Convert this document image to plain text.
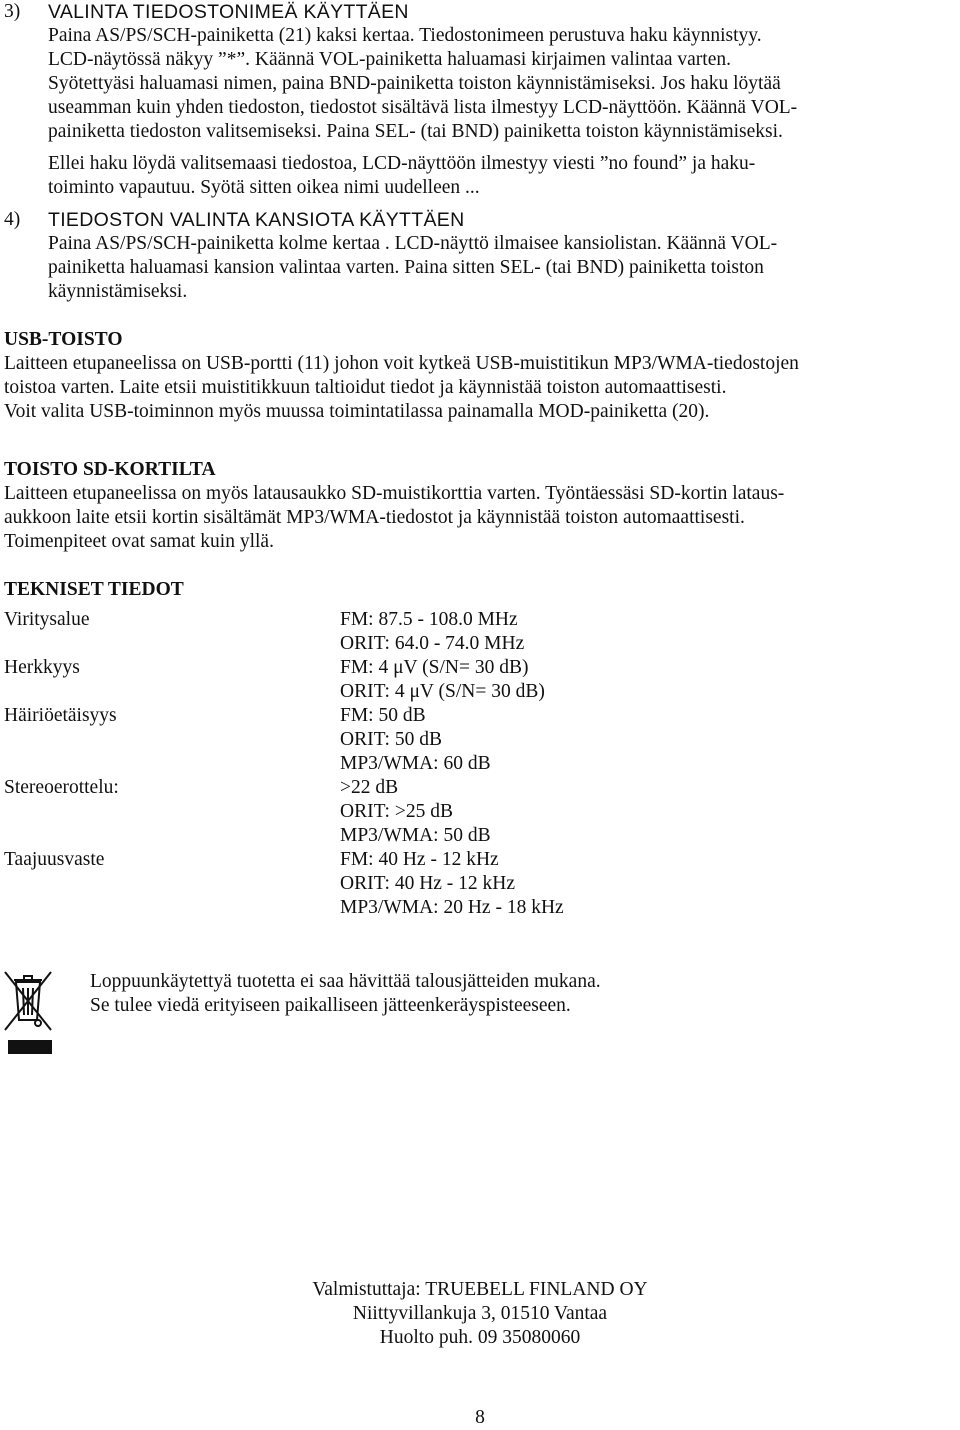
3) VALINTA TIEDOSTONIMEÄ KÄYTTÄEN

Paina AS/PS/SCH-painiketta (21) kaksi kertaa. Tiedostonimeen perustuva haku käynnistyy.

LCD-näytössä näkyy ”*”. Käännä VOL-painiketta haluamasi kirjaimen valintaa varten.

Syötettyäsi haluamasi nimen, paina BND-painiketta toiston käynnistämiseksi. Jos haku löytää

useamman kuin yhden tiedoston, tiedostot sisältävä lista ilmestyy LCD-näyttöön. Käännä VOL-

painiketta tiedoston valitsemiseksi. Paina SEL- (tai BND) painiketta toiston käynnistämiseksi.

Ellei haku löydä valitsemaasi tiedostoa, LCD-näyttöön ilmestyy viesti ”no found” ja haku-

toiminto vapautuu. Syötä sitten oikea nimi uudelleen ...

4) TIEDOSTON VALINTA KANSIOTA KÄYTTÄEN

Paina AS/PS/SCH-painiketta kolme kertaa . LCD-näyttö ilmaisee kansiolistan. Käännä VOL-

painiketta haluamasi kansion valintaa varten. Paina sitten SEL- (tai BND) painiketta toiston

käynnistämiseksi.

USB-TOISTO

Laitteen etupaneelissa on USB-portti (11) johon voit kytkeä USB-muistitikun MP3/WMA-tiedostojen

toistoa varten. Laite etsii muistitikkuun taltioidut tiedot ja käynnistää toiston automaattisesti.

Voit valita USB-toiminnon myös muussa toimintatilassa painamalla MOD-painiketta (20).

TOISTO SD-KORTILTA

Laitteen etupaneelissa on myös latausaukko SD-muistikorttia varten. Työntäessäsi SD-kortin lataus-

aukkoon laite etsii kortin sisältämät MP3/WMA-tiedostot ja käynnistää toiston automaattisesti.

Toimenpiteet ovat samat kuin yllä.

TEKNISET TIEDOT

Viritysalue	FM: 87.5 - 108.0 MHz

ORIT: 64.0 - 74.0 MHz

Herkkyys	FM: 4 μV (S/N= 30 dB)

ORIT: 4 μV (S/N= 30 dB)

Häiriöetäisyys	FM: 50 dB

ORIT: 50 dB

MP3/WMA: 60 dB

Stereoerottelu:	>22 dB

ORIT: >25 dB

MP3/WMA: 50 dB

Taajuusvaste	FM: 40 Hz - 12 kHz

ORIT: 40 Hz - 12 kHz

MP3/WMA: 20 Hz - 18 kHz

Loppuunkäytettyä tuotetta ei saa hävittää talousjätteiden mukana.

Se tulee viedä erityiseen paikalliseen jätteenkeräyspisteeseen.

Valmistuttaja: TRUEBELL FINLAND OY

Niittyvillankuja 3, 01510 Vantaa

Huolto puh. 09 35080060

8
